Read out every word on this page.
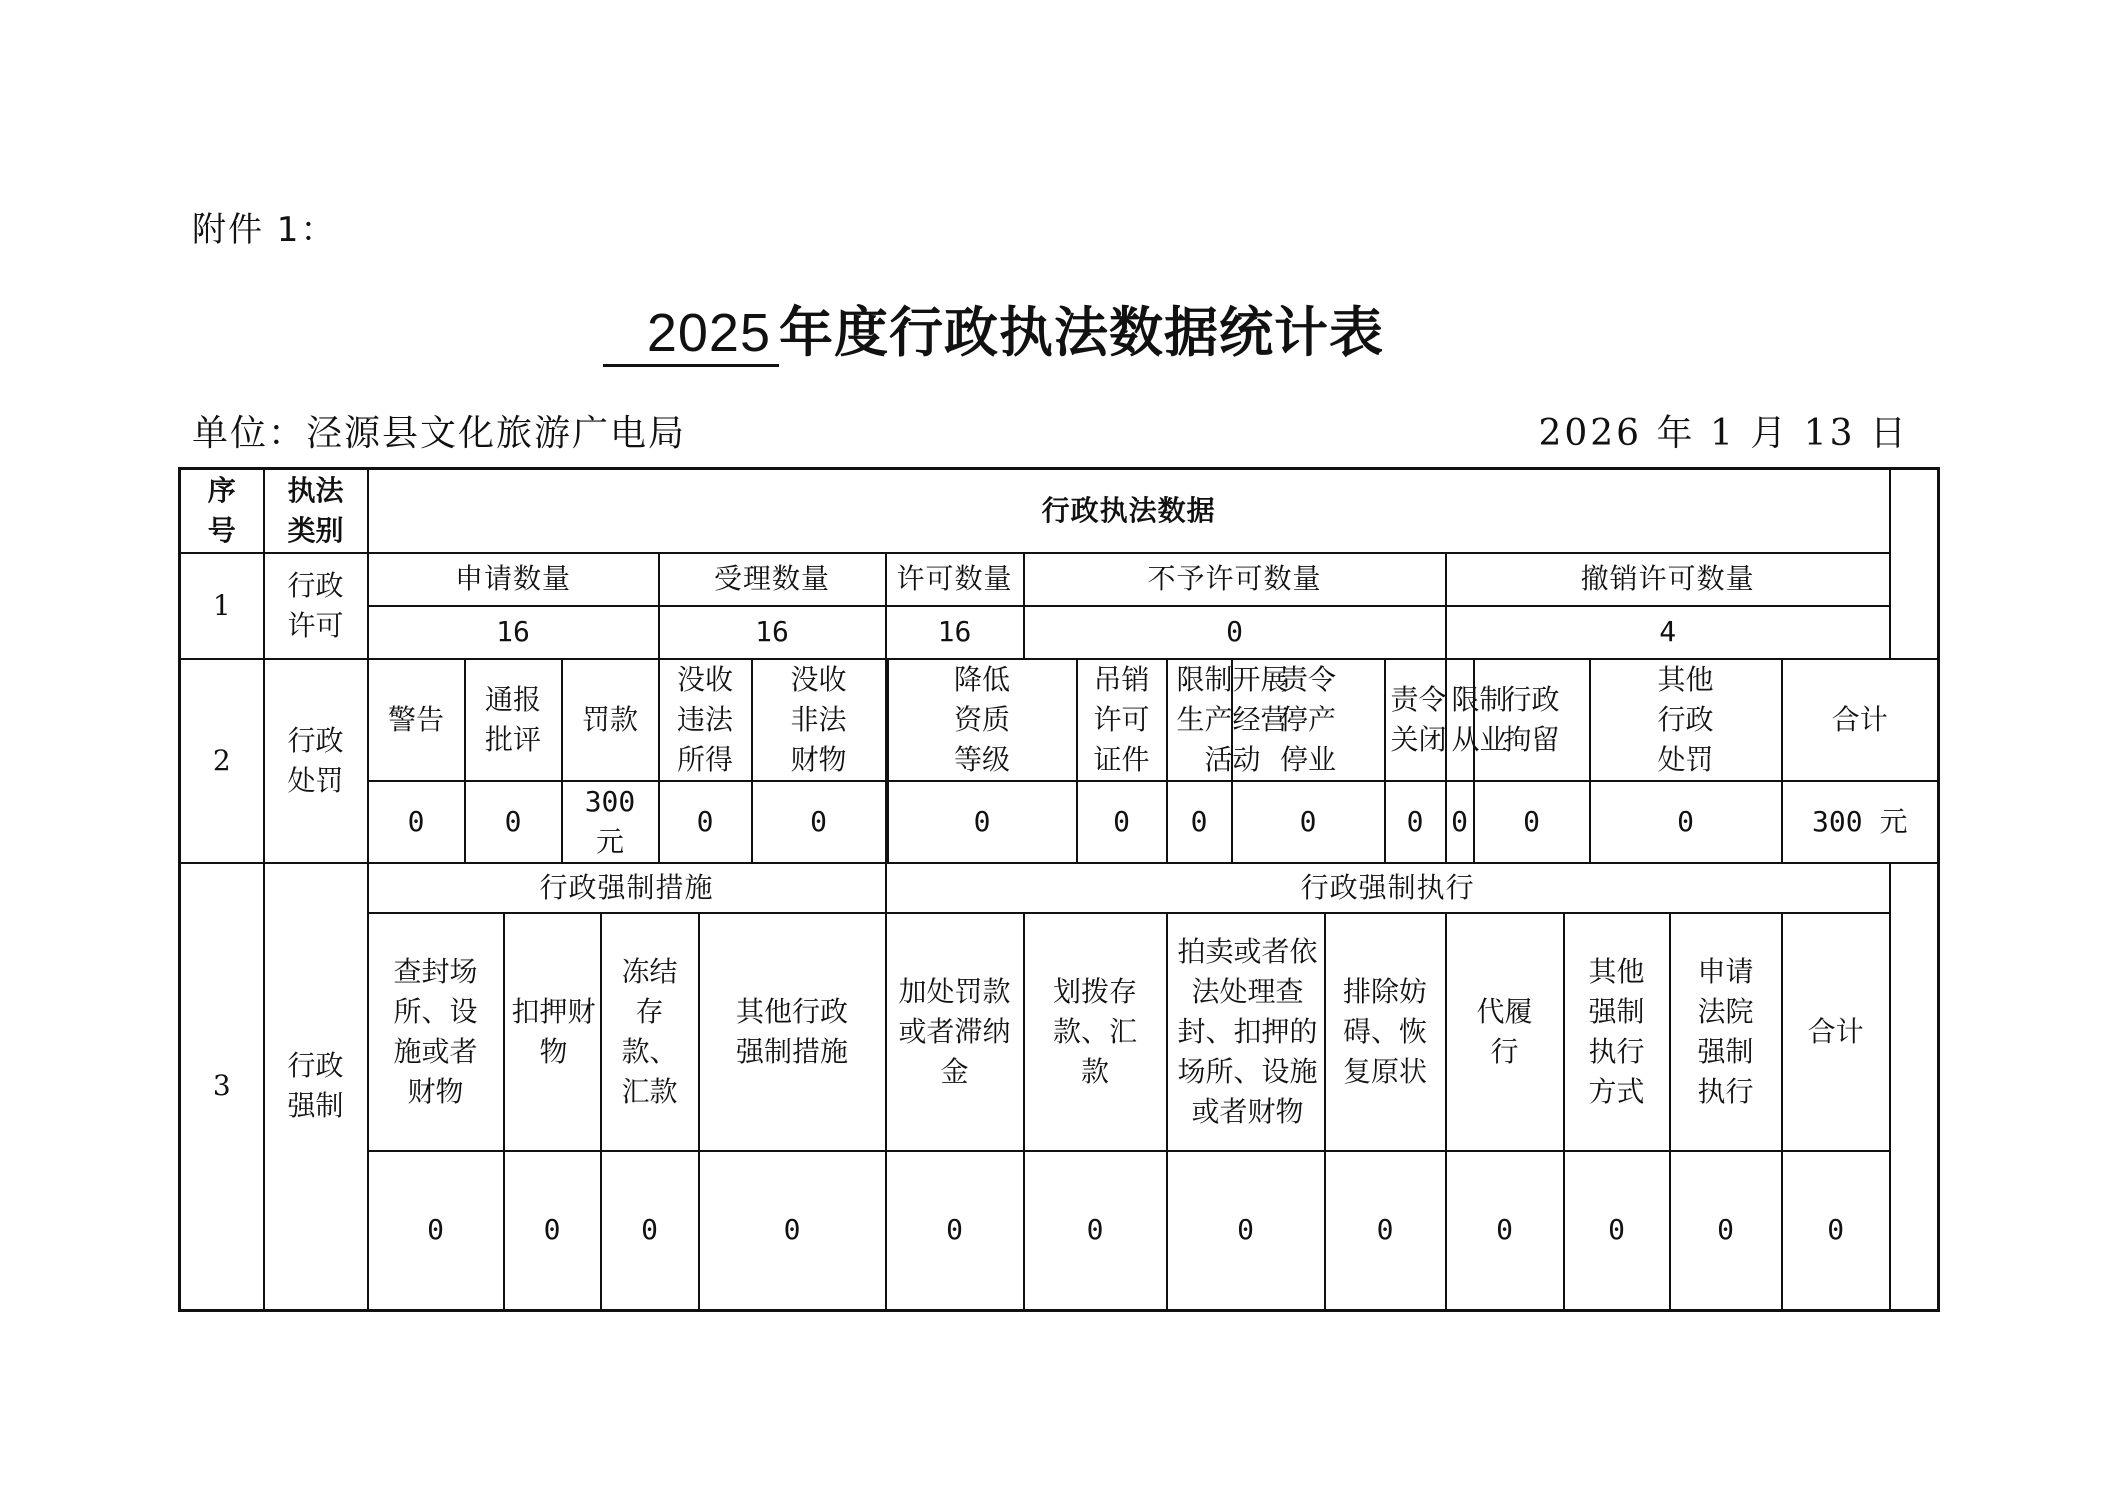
附件 1：
2025 年度行政执法数据统计表
单位：泾源县文化旅游广电局	2026 年 1 月 13 日
序号	执法类别	行政执法数据																					
1	行政许可	申请数量					受理数量			许可数量		不予许可数量						撤销许可数量					
		16					16			16		0						4					
2	行政处罚	警告	通报批评		罚款		没收违法所得		没收非法财物		降低资质等级		吊销许可证件	限制开展生产经营活动	责令停产停业		责令关闭	限制从业	行政拘留		其他行政处罚		合计
		0	0		300元		0		0		0		0	0	0		0	0	0		0		300 元
3	行政强制	行政强制措施								行政强制执行													
		查封场所、设施或者财物		扣押财物		冻结存款、汇款		其他行政强制措施		加处罚款或者滞纳金		划拨存款、汇款		拍卖或者依法处理查封、扣押的场所、设施或者财物		排除妨碍、恢复原状		代履行		其他强制执行方式		申请法院强制执行	合计
		0		0		0		0		0		0		0		0		0		0		0	0
